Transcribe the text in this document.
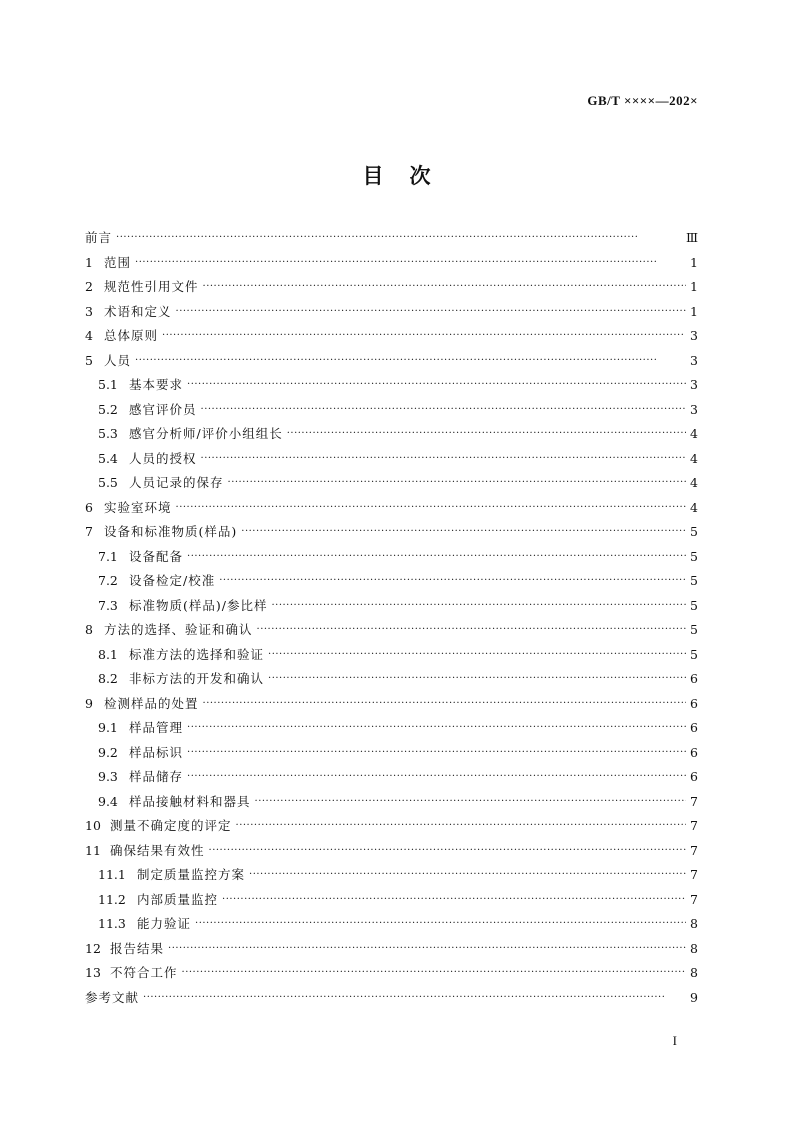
GB/T ××××—202×
目次
前言 ·····	Ⅲ
1 范围 ·····	1
2 规范性引用文件 ·····	1
3 术语和定义 ·····	1
4 总体原则 ·····	3
5 人员 ·····	3
5.1 基本要求 ·····	3
5.2 感官评价员 ·····	3
5.3 感官分析师/评价小组组长 ·····	4
5.4 人员的授权 ·····	4
5.5 人员记录的保存 ·····	4
6 实验室环境 ·····	4
7 设备和标准物质(样品) ·····	5
7.1 设备配备 ·····	5
7.2 设备检定/校准 ·····	5
7.3 标准物质(样品)/参比样 ·····	5
8 方法的选择、验证和确认 ·····	5
8.1 标准方法的选择和验证 ·····	5
8.2 非标方法的开发和确认 ·····	6
9 检测样品的处置 ·····	6
9.1 样品管理 ·····	6
9.2 样品标识 ·····	6
9.3 样品储存 ·····	6
9.4 样品接触材料和器具 ·····	7
10 测量不确定度的评定 ·····	7
11 确保结果有效性 ·····	7
11.1 制定质量监控方案 ·····	7
11.2 内部质量监控 ·····	7
11.3 能力验证 ·····	8
12 报告结果 ·····	8
13 不符合工作 ·····	8
参考文献 ·····	9
I
